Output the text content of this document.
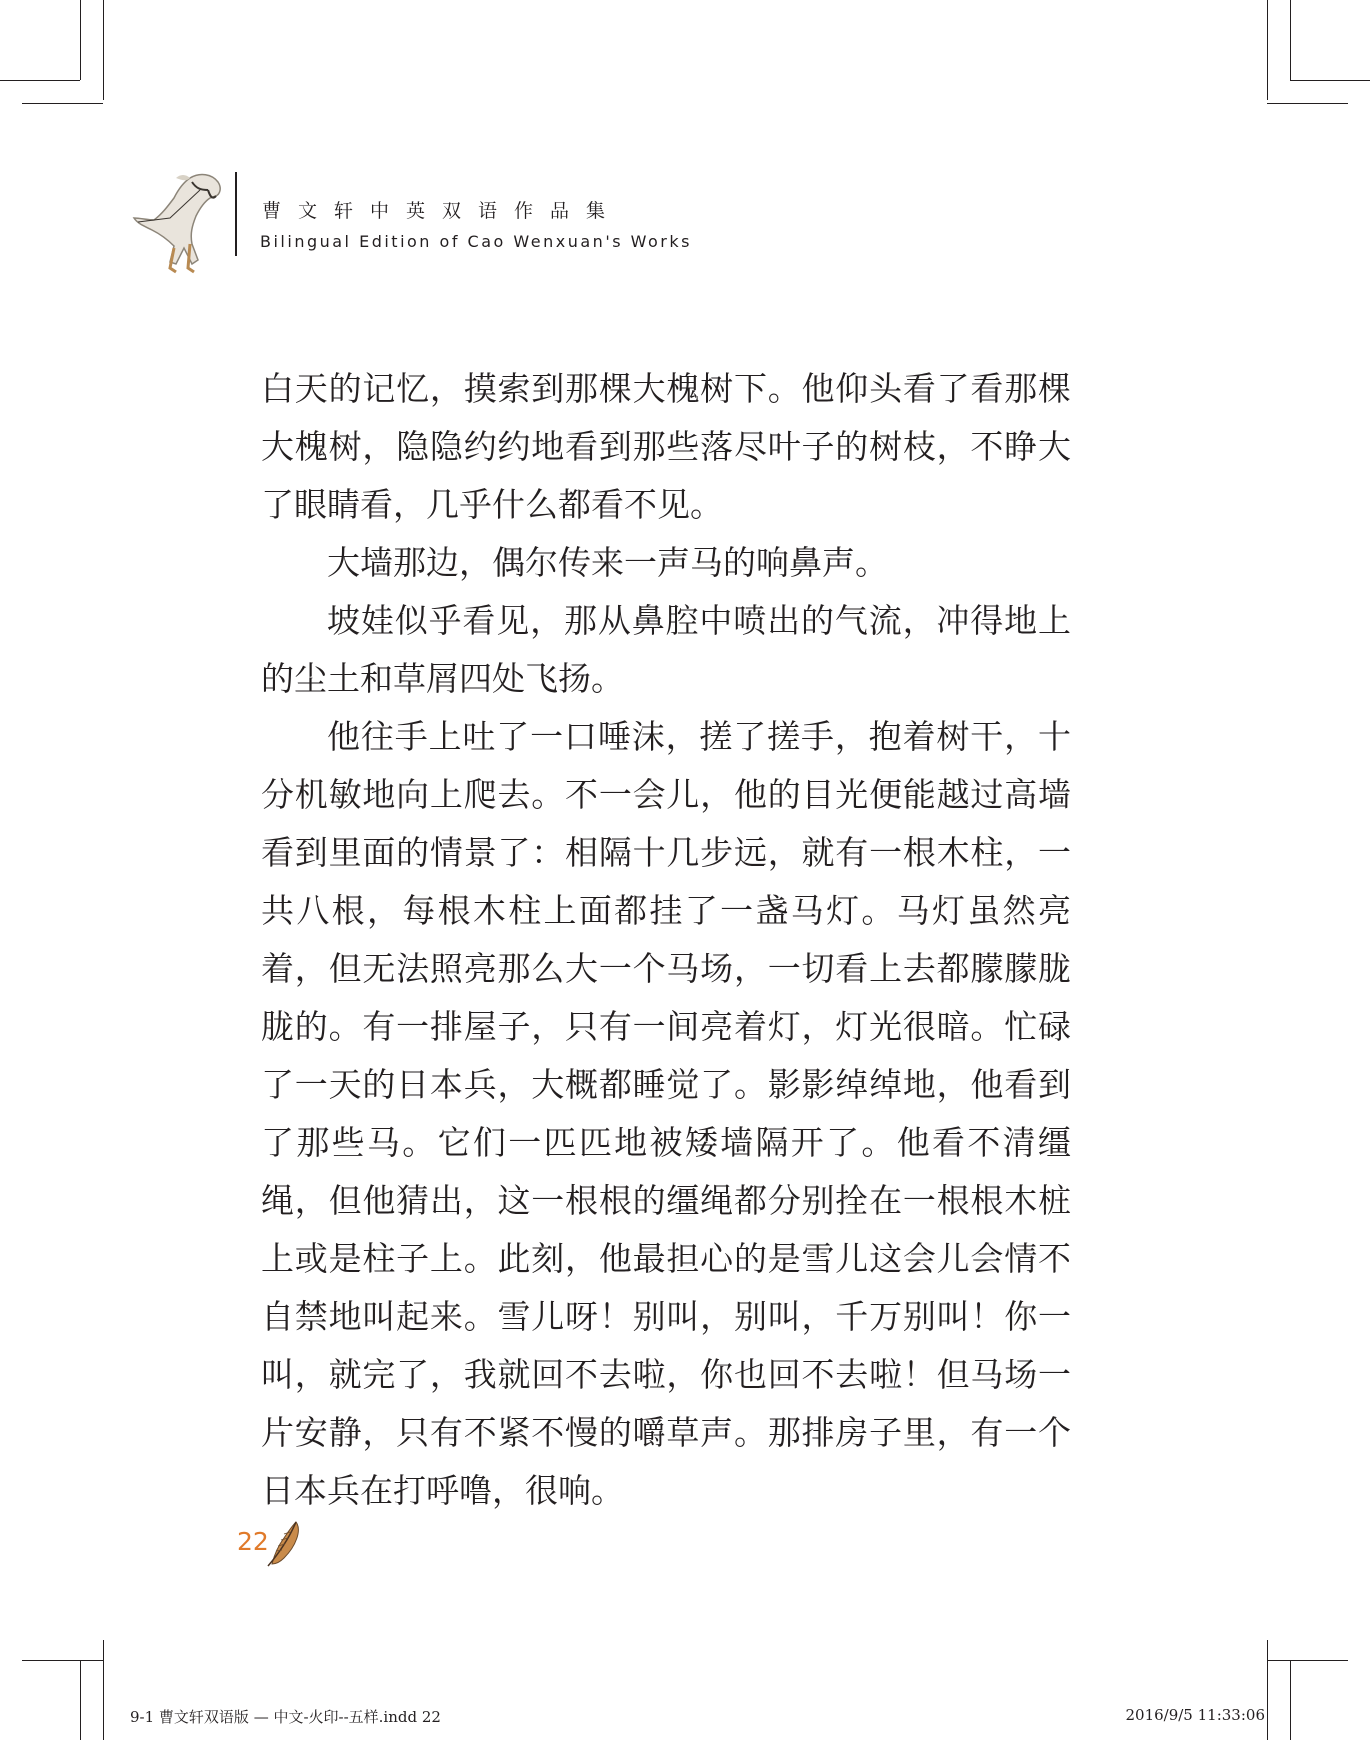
曹文轩中英双语作品集
Bilingual Edition of Cao Wenxuan's Works

白天的记忆，摸索到那棵大槐树下。他仰头看了看那棵大槐树，隐隐约约地看到那些落尽叶子的树枝，不睁大了眼睛看，几乎什么都看不见。

大墙那边，偶尔传来一声马的响鼻声。

坡娃似乎看见，那从鼻腔中喷出的气流，冲得地上的尘土和草屑四处飞扬。

他往手上吐了一口唾沫，搓了搓手，抱着树干，十分机敏地向上爬去。不一会儿，他的目光便能越过高墙看到里面的情景了：相隔十几步远，就有一根木柱，一共八根，每根木柱上面都挂了一盏马灯。马灯虽然亮着，但无法照亮那么大一个马场，一切看上去都朦朦胧胧的。有一排屋子，只有一间亮着灯，灯光很暗。忙碌了一天的日本兵，大概都睡觉了。影影绰绰地，他看到了那些马。它们一匹匹地被矮墙隔开了。他看不清缰绳，但他猜出，这一根根的缰绳都分别拴在一根根木桩上或是柱子上。此刻，他最担心的是雪儿这会儿会情不自禁地叫起来。雪儿呀！别叫，别叫，千万别叫！你一叫，就完了，我就回不去啦，你也回不去啦！但马场一片安静，只有不紧不慢的嚼草声。那排房子里，有一个日本兵在打呼噜，很响。

22
9-1 曹文轩双语版 — 中文-火印--五样.indd 22	2016/9/5 11:33:06
